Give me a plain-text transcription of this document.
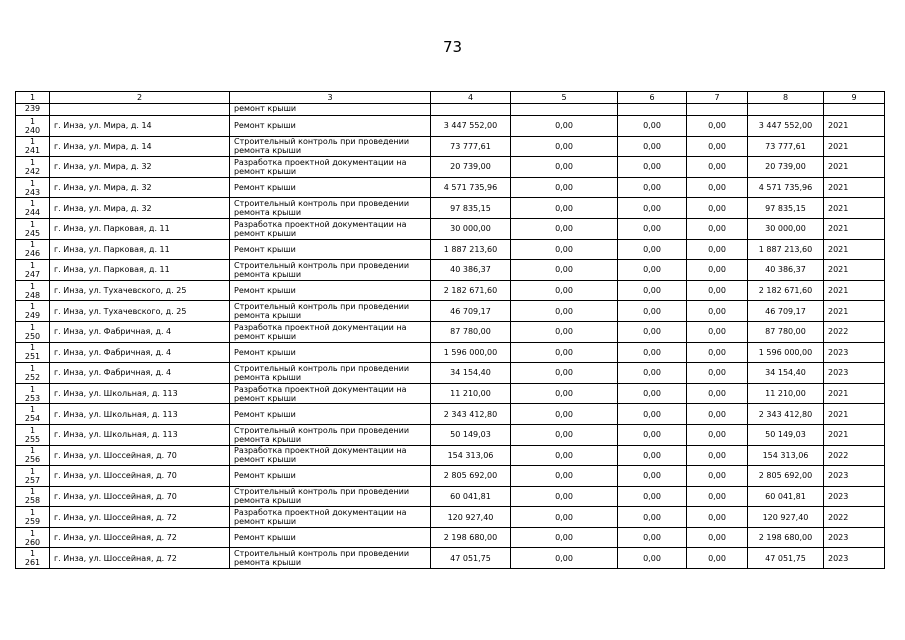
73
1	2	3	4	5	6	7	8	9
239		ремонт крыши						

1
240	г. Инза, ул. Мира, д. 14	Ремонт крыши	3 447 552,00	0,00	0,00	0,00	3 447 552,00	2021

1
241	г. Инза, ул. Мира, д. 14	Строительный контроль при проведении ремонта крыши	73 777,61	0,00	0,00	0,00	73 777,61	2021

1
242	г. Инза, ул. Мира, д. 32	Разработка проектной документации на ремонт крыши	20 739,00	0,00	0,00	0,00	20 739,00	2021

1
243	г. Инза, ул. Мира, д. 32	Ремонт крыши	4 571 735,96	0,00	0,00	0,00	4 571 735,96	2021

1
244	г. Инза, ул. Мира, д. 32	Строительный контроль при проведении ремонта крыши	97 835,15	0,00	0,00	0,00	97 835,15	2021

1
245	г. Инза, ул. Парковая, д. 11	Разработка проектной документации на ремонт крыши	30 000,00	0,00	0,00	0,00	30 000,00	2021

1
246	г. Инза, ул. Парковая, д. 11	Ремонт крыши	1 887 213,60	0,00	0,00	0,00	1 887 213,60	2021

1
247	г. Инза, ул. Парковая, д. 11	Строительный контроль при проведении ремонта крыши	40 386,37	0,00	0,00	0,00	40 386,37	2021

1
248	г. Инза, ул. Тухачевского, д. 25	Ремонт крыши	2 182 671,60	0,00	0,00	0,00	2 182 671,60	2021

1
249	г. Инза, ул. Тухачевского, д. 25	Строительный контроль при проведении ремонта крыши	46 709,17	0,00	0,00	0,00	46 709,17	2021

1
250	г. Инза, ул. Фабричная, д. 4	Разработка проектной документации на ремонт крыши	87 780,00	0,00	0,00	0,00	87 780,00	2022

1
251	г. Инза, ул. Фабричная, д. 4	Ремонт крыши	1 596 000,00	0,00	0,00	0,00	1 596 000,00	2023

1
252	г. Инза, ул. Фабричная, д. 4	Строительный контроль при проведении ремонта крыши	34 154,40	0,00	0,00	0,00	34 154,40	2023

1
253	г. Инза, ул. Школьная, д. 113	Разработка проектной документации на ремонт крыши	11 210,00	0,00	0,00	0,00	11 210,00	2021

1
254	г. Инза, ул. Школьная, д. 113	Ремонт крыши	2 343 412,80	0,00	0,00	0,00	2 343 412,80	2021

1
255	г. Инза, ул. Школьная, д. 113	Строительный контроль при проведении ремонта крыши	50 149,03	0,00	0,00	0,00	50 149,03	2021

1
256	г. Инза, ул. Шоссейная, д. 70	Разработка проектной документации на ремонт крыши	154 313,06	0,00	0,00	0,00	154 313,06	2022

1
257	г. Инза, ул. Шоссейная, д. 70	Ремонт крыши	2 805 692,00	0,00	0,00	0,00	2 805 692,00	2023

1
258	г. Инза, ул. Шоссейная, д. 70	Строительный контроль при проведении ремонта крыши	60 041,81	0,00	0,00	0,00	60 041,81	2023

1
259	г. Инза, ул. Шоссейная, д. 72	Разработка проектной документации на ремонт крыши	120 927,40	0,00	0,00	0,00	120 927,40	2022

1
260	г. Инза, ул. Шоссейная, д. 72	Ремонт крыши	2 198 680,00	0,00	0,00	0,00	2 198 680,00	2023

1
261	г. Инза, ул. Шоссейная, д. 72	Строительный контроль при проведении ремонта крыши	47 051,75	0,00	0,00	0,00	47 051,75	2023
